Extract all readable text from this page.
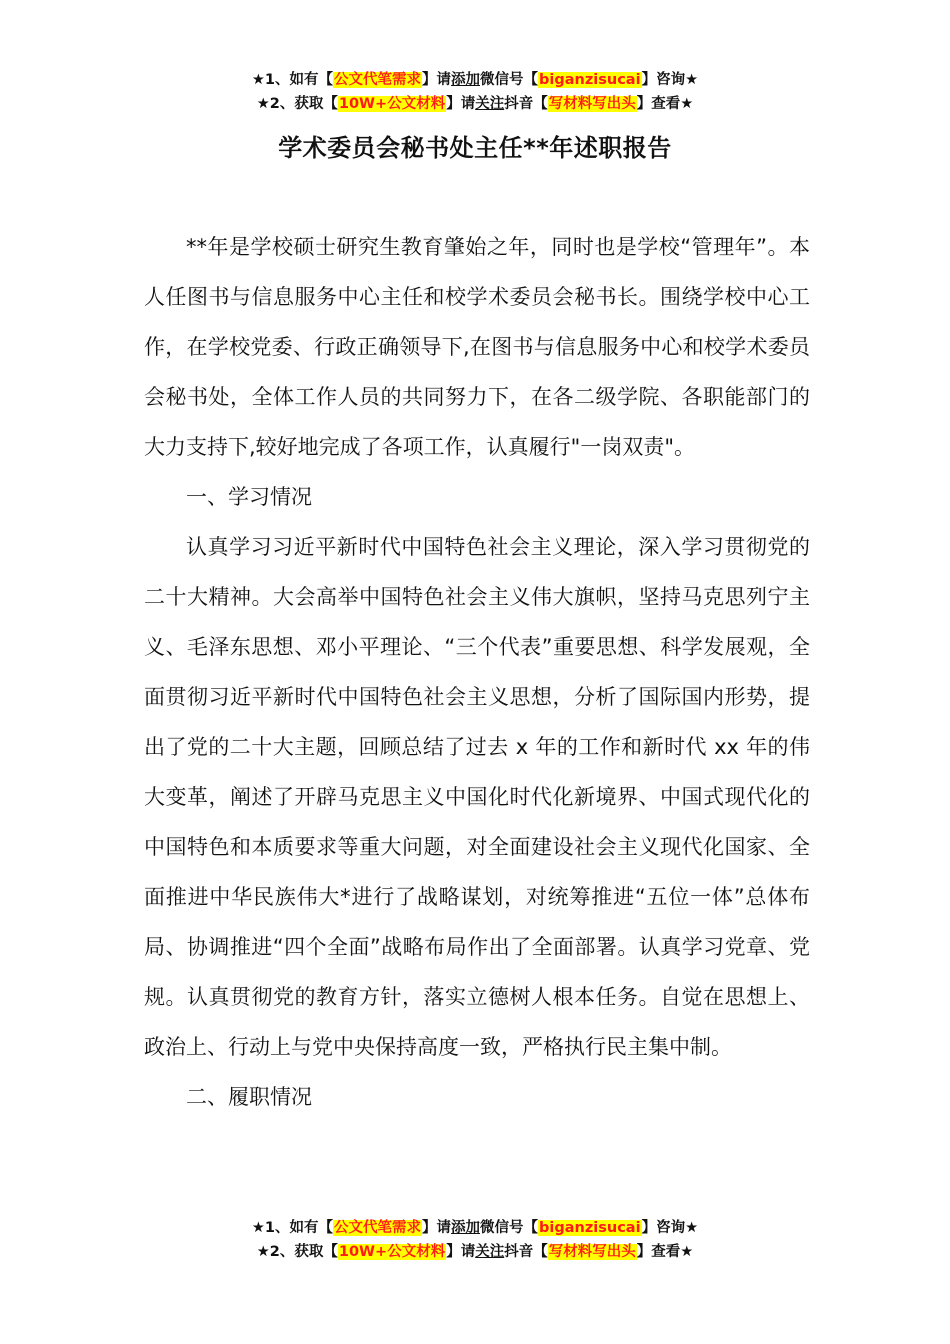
★1、如有【公文代笔需求】请添加微信号【biganzisucai】咨询★
★2、获取【10W+公文材料】请关注抖音【写材料写出头】查看★
学术委员会秘书处主任**年述职报告

**年是学校硕士研究生教育肇始之年，同时也是学校“管理年”。本人任图书与信息服务中心主任和校学术委员会秘书长。围绕学校中心工作，在学校党委、行政正确领导下,在图书与信息服务中心和校学术委员会秘书处，全体工作人员的共同努力下，在各二级学院、各职能部门的大力支持下,较好地完成了各项工作，认真履行"一岗双责"。

一、学习情况

认真学习习近平新时代中国特色社会主义理论，深入学习贯彻党的二十大精神。大会高举中国特色社会主义伟大旗帜，坚持马克思列宁主义、毛泽东思想、邓小平理论、“三个代表”重要思想、科学发展观，全面贯彻习近平新时代中国特色社会主义思想，分析了国际国内形势，提出了党的二十大主题，回顾总结了过去 x 年的工作和新时代 xx 年的伟大变革，阐述了开辟马克思主义中国化时代化新境界、中国式现代化的中国特色和本质要求等重大问题，对全面建设社会主义现代化国家、全面推进中华民族伟大*进行了战略谋划，对统筹推进“五位一体”总体布局、协调推进“四个全面”战略布局作出了全面部署。认真学习党章、党规。认真贯彻党的教育方针，落实立德树人根本任务。自觉在思想上、政治上、行动上与党中央保持高度一致，严格执行民主集中制。

二、履职情况

★1、如有【公文代笔需求】请添加微信号【biganzisucai】咨询★
★2、获取【10W+公文材料】请关注抖音【写材料写出头】查看★
